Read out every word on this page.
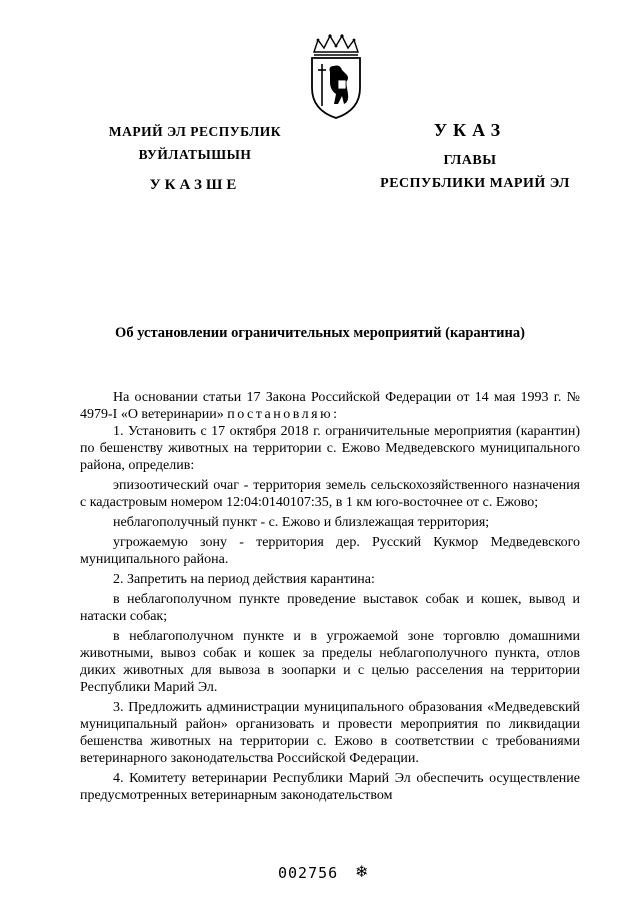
МАРИЙ ЭЛ РЕСПУБЛИК
ВУЙЛАТЫШЫН
УКАЗШЕ
УКАЗ
ГЛАВЫ
РЕСПУБЛИКИ МАРИЙ ЭЛ
Об установлении ограничительных мероприятий (карантина)

На основании статьи 17 Закона Российской Федерации от 14 мая 1993 г. № 4979-I «О ветеринарии» постановляю:

1. Установить с 17 октября 2018 г. ограничительные мероприятия (карантин) по бешенству животных на территории с. Ежово Медведевского муниципального района, определив:

эпизоотический очаг - территория земель сельскохозяйственного назначения с кадастровым номером 12:04:0140107:35, в 1 км юго-восточнее от с. Ежово;

неблагополучный пункт - с. Ежово и близлежащая территория;

угрожаемую зону - территория дер. Русский Кукмор Медведевского муниципального района.

2. Запретить на период действия карантина:

в неблагополучном пункте проведение выставок собак и кошек, вывод и натаски собак;

в неблагополучном пункте и в угрожаемой зоне торговлю домашними животными, вывоз собак и кошек за пределы неблагополучного пункта, отлов диких животных для вывоза в зоопарки и с целью расселения на территории Республики Марий Эл.

3. Предложить администрации муниципального образования «Медведевский муниципальный район» организовать и провести мероприятия по ликвидации бешенства животных на территории с. Ежово в соответствии с требованиями ветеринарного законодательства Российской Федерации.

4. Комитету ветеринарии Республики Марий Эл обеспечить осуществление предусмотренных ветеринарным законодательством

002756 ❄
